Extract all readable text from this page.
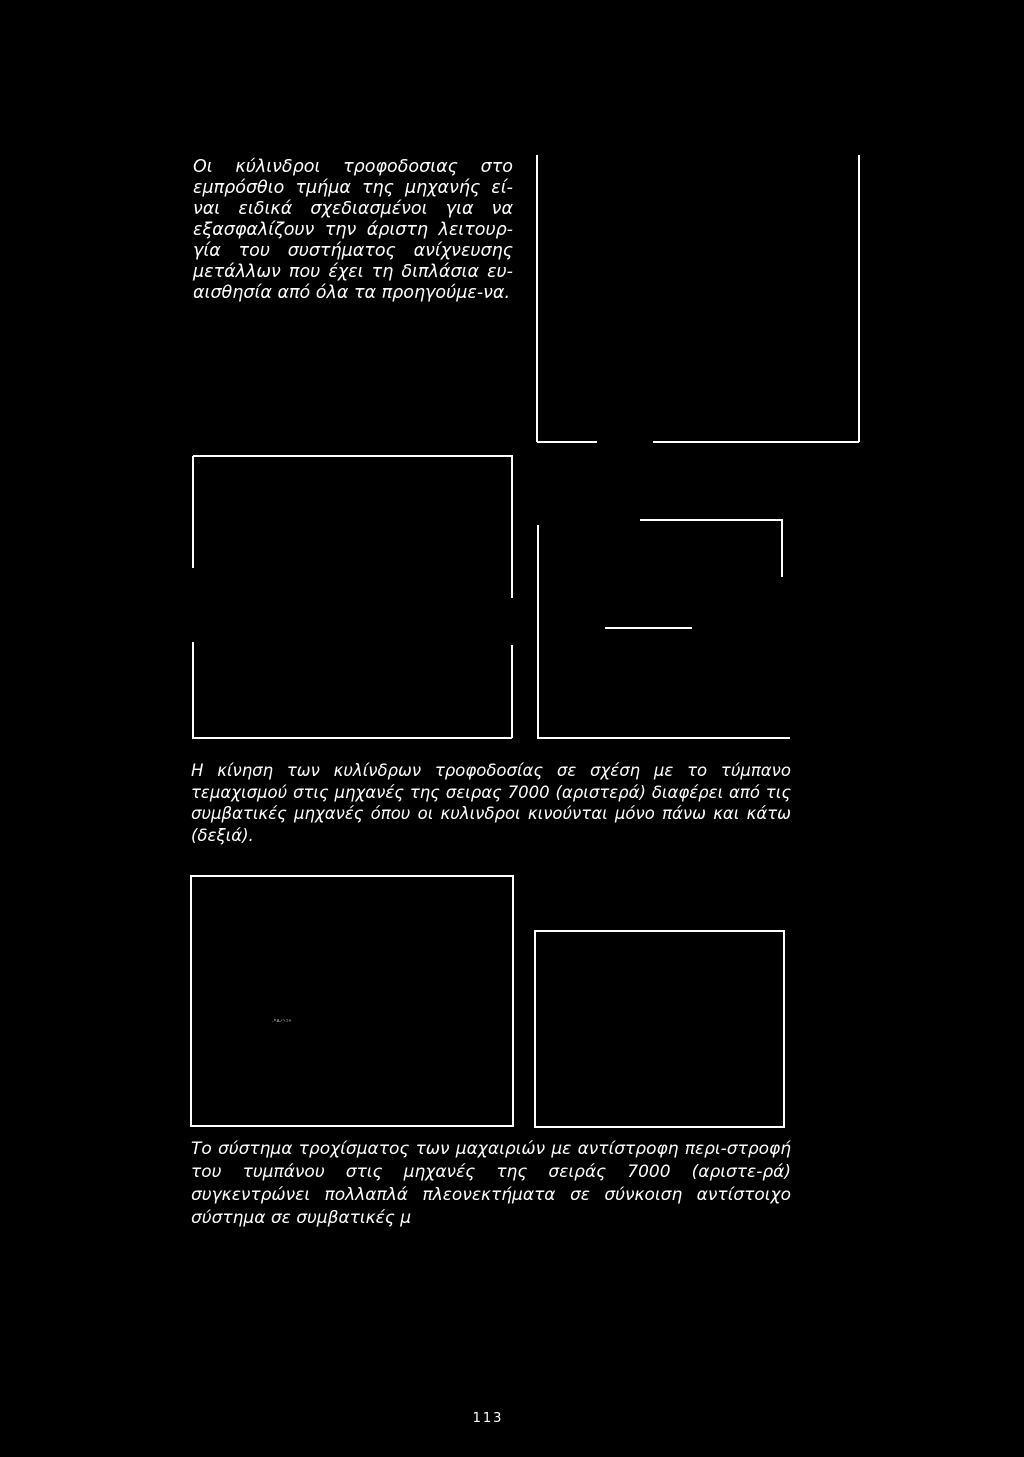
Οι κύλινδροι τροφοδοσιας στο εμπρόσθιο τμήμα της μηχανής εί-ναι ειδικά σχεδιασμένοι για να εξασφαλίζουν την άριστη λειτουρ-γία του συστήματος ανίχνευσης μετάλλων που έχει τη διπλάσια ευ-αισθησία από όλα τα προηγούμε-να.
Η κίνηση των κυλίνδρων τροφοδοσίας σε σχέση με το τύμπανο τεμαχισμού στις μηχανές της σειρας 7000 (αριστερά) διαφέρει από τις συμβατικές μηχανές όπου οι κυλινδροι κινούνται μόνο πάνω και κάτω (δεξιά).
ᐧᑋᐞᐟᐠᐣᐤ
Το σύστημα τροχίσματος των μαχαιριών με αντίστροφη περι-στροφή του τυμπάνου στις μηχανές της σειράς 7000 (αριστε-ρά) συγκεντρώνει πολλαπλά πλεονεκτήματα σε σύνκοιση αντίστοιχο σύστημα σε συμβατικές μ
113
